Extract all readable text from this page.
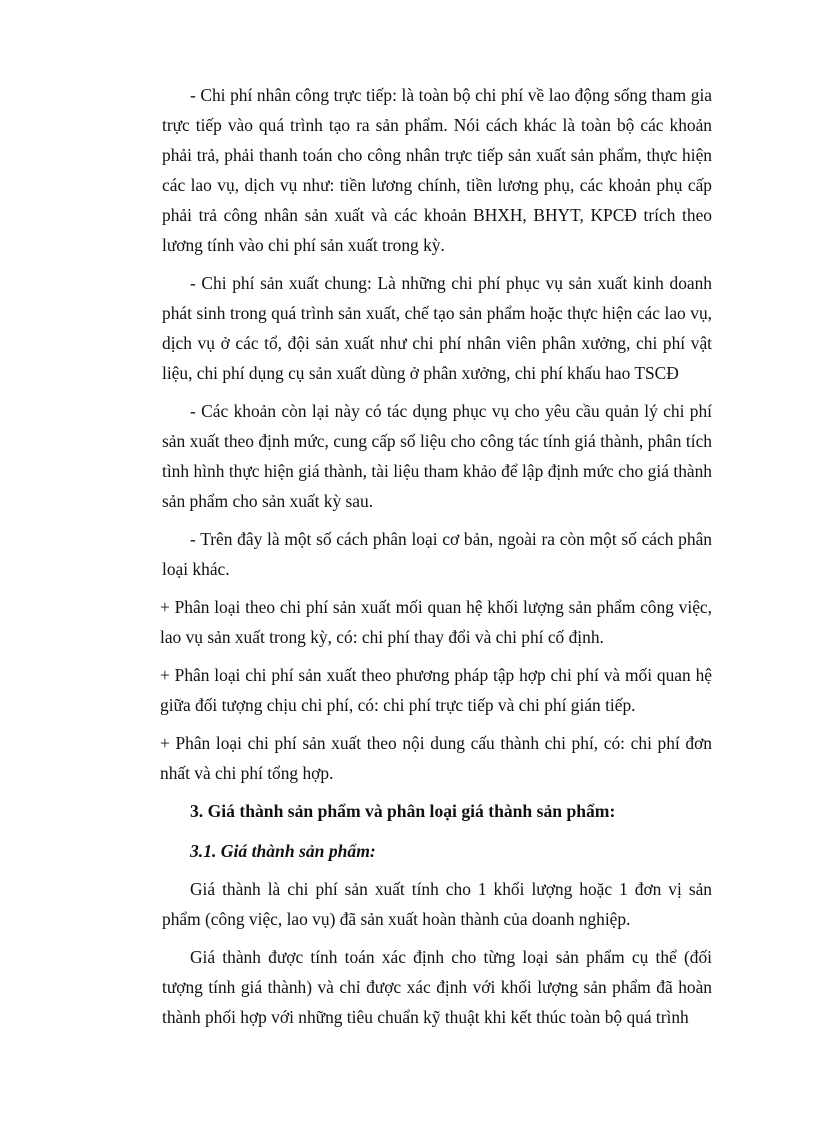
- Chi phí nhân công trực tiếp: là toàn bộ chi phí về lao động sống tham gia trực tiếp vào quá trình tạo ra sản phẩm. Nói cách khác là toàn bộ các khoản phải trả, phải thanh toán cho công nhân trực tiếp sản xuất sản phẩm, thực hiện các lao vụ, dịch vụ như: tiền lương chính, tiền lương phụ, các khoản phụ cấp phải trả công nhân sản xuất và các khoản BHXH, BHYT, KPCĐ trích theo lương tính vào chi phí sản xuất trong kỳ.

- Chi phí sản xuất chung: Là những chi phí phục vụ sản xuất kinh doanh phát sinh trong quá trình sản xuất, chế tạo sản phẩm hoặc thực hiện các lao vụ, dịch vụ ở các tổ, đội sản xuất như chi phí nhân viên phân xưởng, chi phí vật liệu, chi phí dụng cụ sản xuất dùng ở phân xưởng, chi phí khấu hao TSCĐ

- Các khoản còn lại này có tác dụng phục vụ cho yêu cầu quản lý chi phí sản xuất theo định mức, cung cấp số liệu cho công tác tính giá thành, phân tích tình hình thực hiện giá thành, tài liệu tham khảo để lập định mức cho giá thành sản phẩm cho sản xuất kỳ sau.

- Trên đây là một số cách phân loại cơ bản, ngoài ra còn một số cách phân loại khác.

+ Phân loại theo chi phí sản xuất mối quan hệ khối lượng sản phẩm công việc, lao vụ sản xuất trong kỳ, có: chi phí thay đổi và chi phí cố định.

+ Phân loại chi phí sản xuất theo phương pháp tập hợp chi phí và mối quan hệ giữa đối tượng chịu chi phí, có: chi phí trực tiếp và chi phí gián tiếp.

+ Phân loại chi phí sản xuất theo nội dung cấu thành chi phí, có: chi phí đơn nhất và chi phí tổng hợp.

3. Giá thành sản phẩm và phân loại giá thành sản phẩm:
3.1. Giá thành sản phẩm:

Giá thành là chi phí sản xuất tính cho 1 khối lượng hoặc 1 đơn vị sản phẩm (công việc, lao vụ) đã sản xuất hoàn thành của doanh nghiệp.

Giá thành được tính toán xác định cho từng loại sản phẩm cụ thể (đối tượng tính giá thành) và chỉ được xác định với khối lượng sản phẩm đã hoàn thành phối hợp với những tiêu chuẩn kỹ thuật khi kết thúc toàn bộ quá trình
